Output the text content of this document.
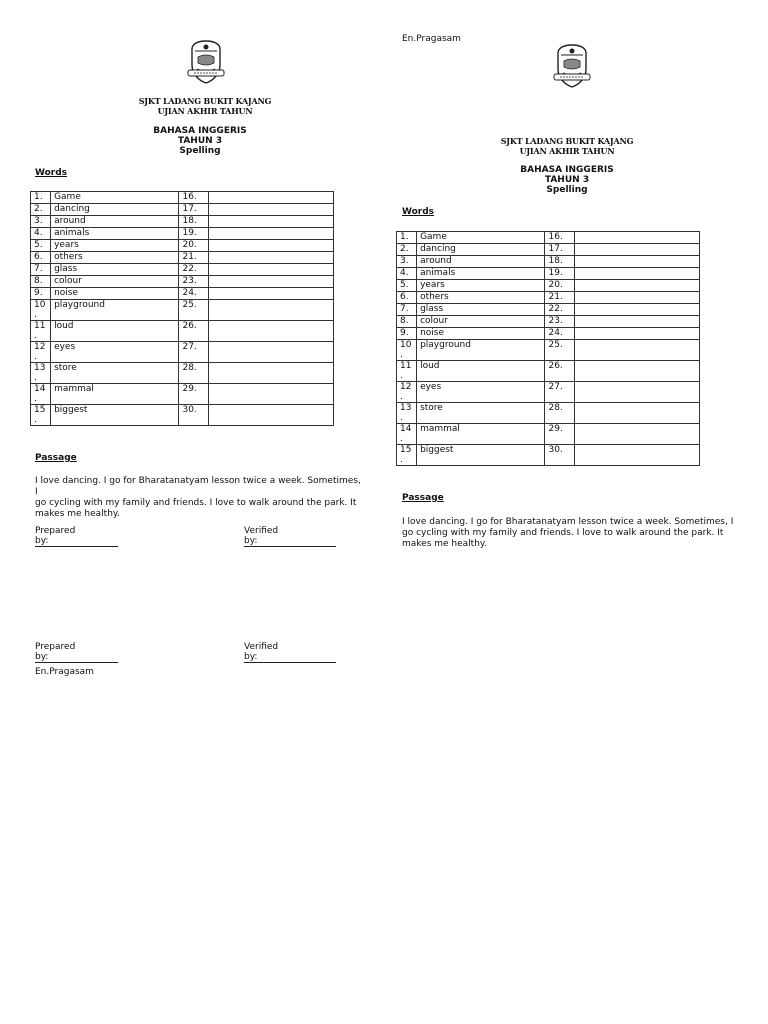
SJKT LADANG BUKIT KAJANG
UJIAN AKHIR TAHUN
BAHASA INGGERIS
TAHUN 3
Spelling
Words
1.	Game	16.	
2.	dancing	17.	
3.	around	18.	
4.	animals	19.	
5.	years	20.	
6.	others	21.	
7.	glass	22.	
8.	colour	23.	
9.	noise	24.	
10
.	playground	25.	
11
.	loud	26.	
12
.	eyes	27.	
13
.	store	28.	
14
.	mammal	29.	
15
.	biggest	30.	
Passage
I love dancing. I go for Bharatanatyam lesson twice a week. Sometimes, I
go cycling with my family and friends. I love to walk around the park. It
makes me healthy.
Prepared by:
Verified by:
Prepared by:
Verified by:
En.Pragasam
En.Pragasam
SJKT LADANG BUKIT KAJANG
UJIAN AKHIR TAHUN
BAHASA INGGERIS
TAHUN 3
Spelling
Words
1.	Game	16.	
2.	dancing	17.	
3.	around	18.	
4.	animals	19.	
5.	years	20.	
6.	others	21.	
7.	glass	22.	
8.	colour	23.	
9.	noise	24.	
10
.	playground	25.	
11
.	loud	26.	
12
.	eyes	27.	
13
.	store	28.	
14
.	mammal	29.	
15
.	biggest	30.	
Passage
I love dancing. I go for Bharatanatyam lesson twice a week. Sometimes, I
go cycling with my family and friends. I love to walk around the park. It
makes me healthy.
